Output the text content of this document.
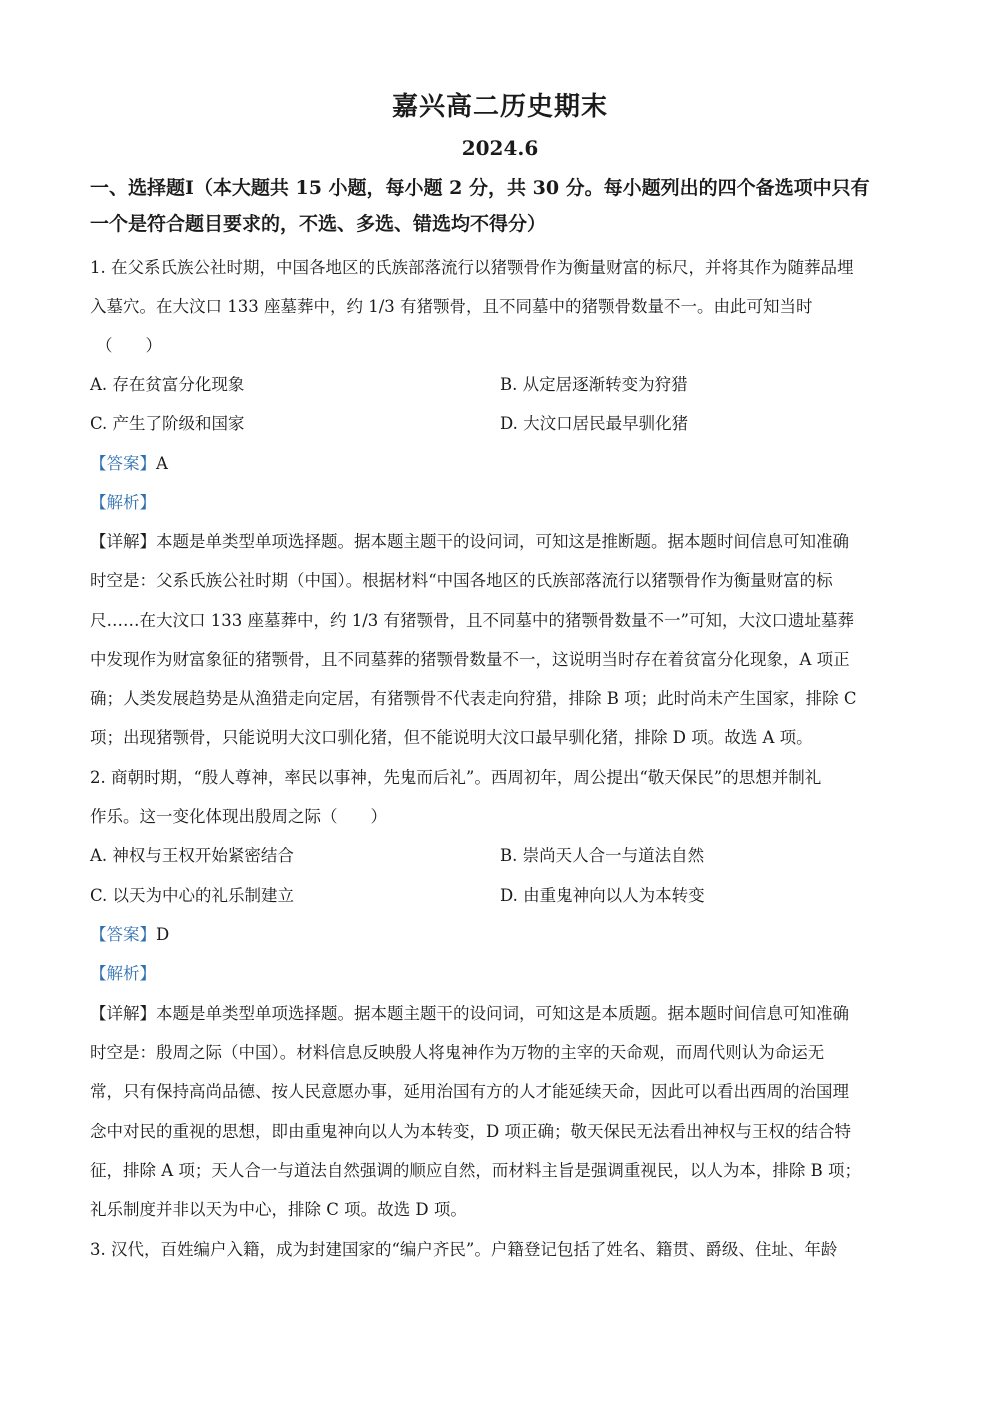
嘉兴高二历史期末
2024.6
一、选择题Ⅰ（本大题共 15 小题，每小题 2 分，共 30 分。每小题列出的四个备选项中只有
一个是符合题目要求的，不选、多选、错选均不得分）
1. 在父系氏族公社时期，中国各地区的氏族部落流行以猪颚骨作为衡量财富的标尺，并将其作为随葬品埋
入墓穴。在大汶口 133 座墓葬中，约 1/3 有猪颚骨，且不同墓中的猪颚骨数量不一。由此可知当时
（　　）
A. 存在贫富分化现象	B. 从定居逐渐转变为狩猎
C. 产生了阶级和国家	D. 大汶口居民最早驯化猪
【答案】A
【解析】
【详解】本题是单类型单项选择题。据本题主题干的设问词，可知这是推断题。据本题时间信息可知准确
时空是：父系氏族公社时期（中国）。根据材料“中国各地区的氏族部落流行以猪颚骨作为衡量财富的标
尺……在大汶口 133 座墓葬中，约 1/3 有猪颚骨，且不同墓中的猪颚骨数量不一”可知，大汶口遗址墓葬
中发现作为财富象征的猪颚骨，且不同墓葬的猪颚骨数量不一，这说明当时存在着贫富分化现象，A 项正
确；人类发展趋势是从渔猎走向定居，有猪颚骨不代表走向狩猎，排除 B 项；此时尚未产生国家，排除 C
项；出现猪颚骨，只能说明大汶口驯化猪，但不能说明大汶口最早驯化猪，排除 D 项。故选 A 项。
2. 商朝时期，“殷人尊神，率民以事神，先鬼而后礼”。西周初年，周公提出“敬天保民”的思想并制礼
作乐。这一变化体现出殷周之际（　　）
A. 神权与王权开始紧密结合	B. 崇尚天人合一与道法自然
C. 以天为中心的礼乐制建立	D. 由重鬼神向以人为本转变
【答案】D
【解析】
【详解】本题是单类型单项选择题。据本题主题干的设问词，可知这是本质题。据本题时间信息可知准确
时空是：殷周之际（中国）。材料信息反映殷人将鬼神作为万物的主宰的天命观，而周代则认为命运无
常，只有保持高尚品德、按人民意愿办事，延用治国有方的人才能延续天命，因此可以看出西周的治国理
念中对民的重视的思想，即由重鬼神向以人为本转变，D 项正确；敬天保民无法看出神权与王权的结合特
征，排除 A 项；天人合一与道法自然强调的顺应自然，而材料主旨是强调重视民，以人为本，排除 B 项；
礼乐制度并非以天为中心，排除 C 项。故选 D 项。
3. 汉代，百姓编户入籍，成为封建国家的“编户齐民”。户籍登记包括了姓名、籍贯、爵级、住址、年龄
